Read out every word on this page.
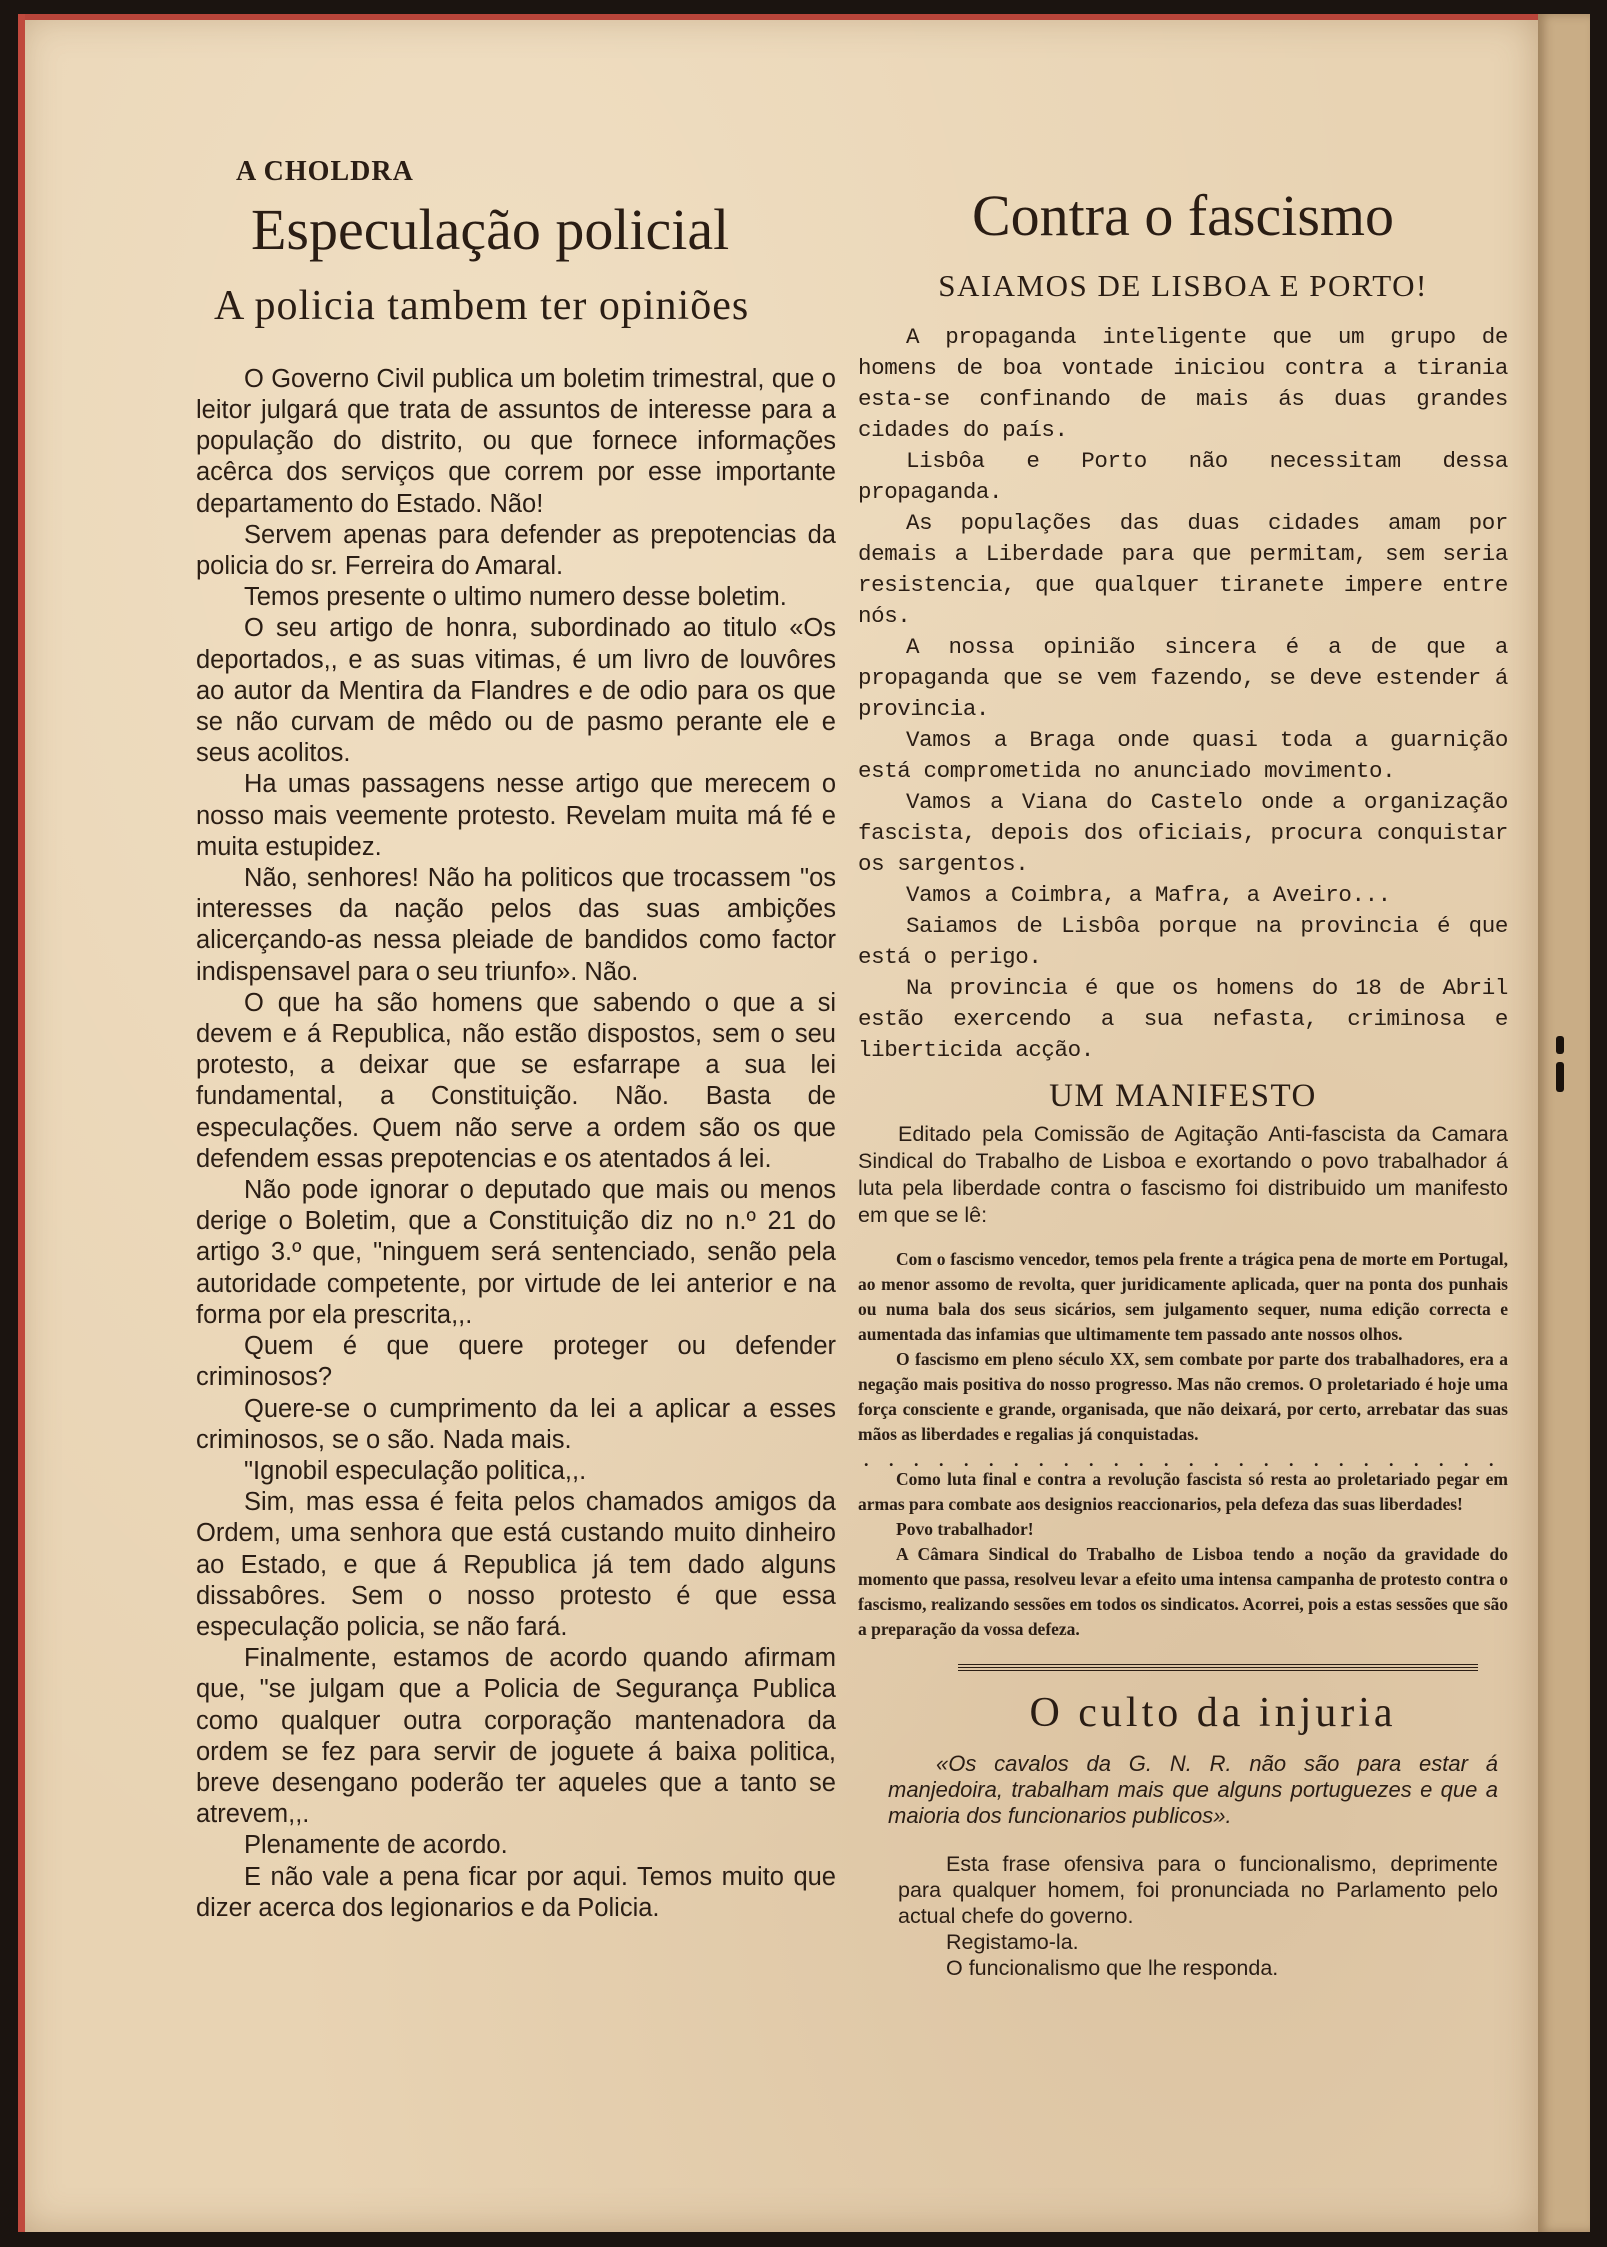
A CHOLDRA
Especulação policial
A policia tambem ter opiniões

O Governo Civil publica um boletim trimestral, que o leitor julgará que trata de assuntos de interesse para a população do distrito, ou que fornece informações acêrca dos serviços que correm por esse importante departamento do Estado. Não!

Servem apenas para defender as prepotencias da policia do sr. Ferreira do Amaral.

Temos presente o ultimo numero desse boletim.

O seu artigo de honra, subordinado ao titulo «Os deportados,, e as suas vitimas, é um livro de louvôres ao autor da Mentira da Flandres e de odio para os que se não curvam de mêdo ou de pasmo perante ele e seus acolitos.

Ha umas passagens nesse artigo que merecem o nosso mais veemente protesto. Revelam muita má fé e muita estupidez.

Não, senhores! Não ha politicos que trocassem "os interesses da nação pelos das suas ambições alicerçando-as nessa pleiade de bandidos como factor indispensavel para o seu triunfo». Não.

O que ha são homens que sabendo o que a si devem e á Republica, não estão dispostos, sem o seu protesto, a deixar que se esfarrape a sua lei fundamental, a Constituição. Não. Basta de especulações. Quem não serve a ordem são os que defendem essas prepotencias e os atentados á lei.

Não pode ignorar o deputado que mais ou menos derige o Boletim, que a Constituição diz no n.º 21 do artigo 3.º que, "ninguem será sentenciado, senão pela autoridade competente, por virtude de lei anterior e na forma por ela prescrita,,.

Quem é que quere proteger ou defender criminosos?

Quere-se o cumprimento da lei a aplicar a esses criminosos, se o são. Nada mais.

"Ignobil especulação politica,,.

Sim, mas essa é feita pelos chamados amigos da Ordem, uma senhora que está custando muito dinheiro ao Estado, e que á Republica já tem dado alguns dissabôres. Sem o nosso protesto é que essa especulação policia, se não fará.

Finalmente, estamos de acordo quando afirmam que, "se julgam que a Policia de Segurança Publica como qualquer outra corporação mantenadora da ordem se fez para servir de joguete á baixa politica, breve desengano poderão ter aqueles que a tanto se atrevem,,.

Plenamente de acordo.

E não vale a pena ficar por aqui. Temos muito que dizer acerca dos legionarios e da Policia.

Contra o fascismo
SAIAMOS DE LISBOA E PORTO!

A propaganda inteligente que um grupo de homens de boa vontade iniciou contra a tirania esta-se confinando de mais ás duas grandes cidades do país.

Lisbôa e Porto não necessitam dessa propaganda.

As populações das duas cidades amam por demais a Liberdade para que permitam, sem seria resistencia, que qualquer tiranete impere entre nós.

A nossa opinião sincera é a de que a propaganda que se vem fazendo, se deve estender á provincia.

Vamos a Braga onde quasi toda a guarnição está comprometida no anunciado movimento.

Vamos a Viana do Castelo onde a organização fascista, depois dos oficiais, procura conquistar os sargentos.

Vamos a Coimbra, a Mafra, a Aveiro...

Saiamos de Lisbôa porque na provincia é que está o perigo.

Na provincia é que os homens do 18 de Abril estão exercendo a sua nefasta, criminosa e liberticida acção.

UM MANIFESTO
Editado pela Comissão de Agitação Anti-fascista da Camara Sindical do Trabalho de Lisboa e exortando o povo trabalhador á luta pela liberdade contra o fascismo foi distribuido um manifesto em que se lê:

Com o fascismo vencedor, temos pela frente a trágica pena de morte em Portugal, ao menor assomo de revolta, quer juridicamente aplicada, quer na ponta dos punhais ou numa bala dos seus sicários, sem julgamento sequer, numa edição correcta e aumentada das infamias que ultimamente tem passado ante nossos olhos.

O fascismo em pleno século XX, sem combate por parte dos trabalhadores, era a negação mais positiva do nosso progresso. Mas não cremos. O proletariado é hoje uma força consciente e grande, organisada, que não deixará, por certo, arrebatar das suas mãos as liberdades e regalias já conquistadas.

. . . . . . . . . . . . . . . . . . . . . . . . . .

Como luta final e contra a revolução fascista só resta ao proletariado pegar em armas para combate aos designios reaccionarios, pela defeza das suas liberdades!

Povo trabalhador!

A Câmara Sindical do Trabalho de Lisboa tendo a noção da gravidade do momento que passa, resolveu levar a efeito uma intensa campanha de protesto contra o fascismo, realizando sessões em todos os sindicatos. Acorrei, pois a estas sessões que são a preparação da vossa defeza.

O culto da injuria
«Os cavalos da G. N. R. não são para estar á manjedoira, trabalham mais que alguns portuguezes e que a maioria dos funcionarios publicos».

Esta frase ofensiva para o funcionalismo, deprimente para qualquer homem, foi pronunciada no Parlamento pelo actual chefe do governo.

Registamo-la.

O funcionalismo que lhe responda.
